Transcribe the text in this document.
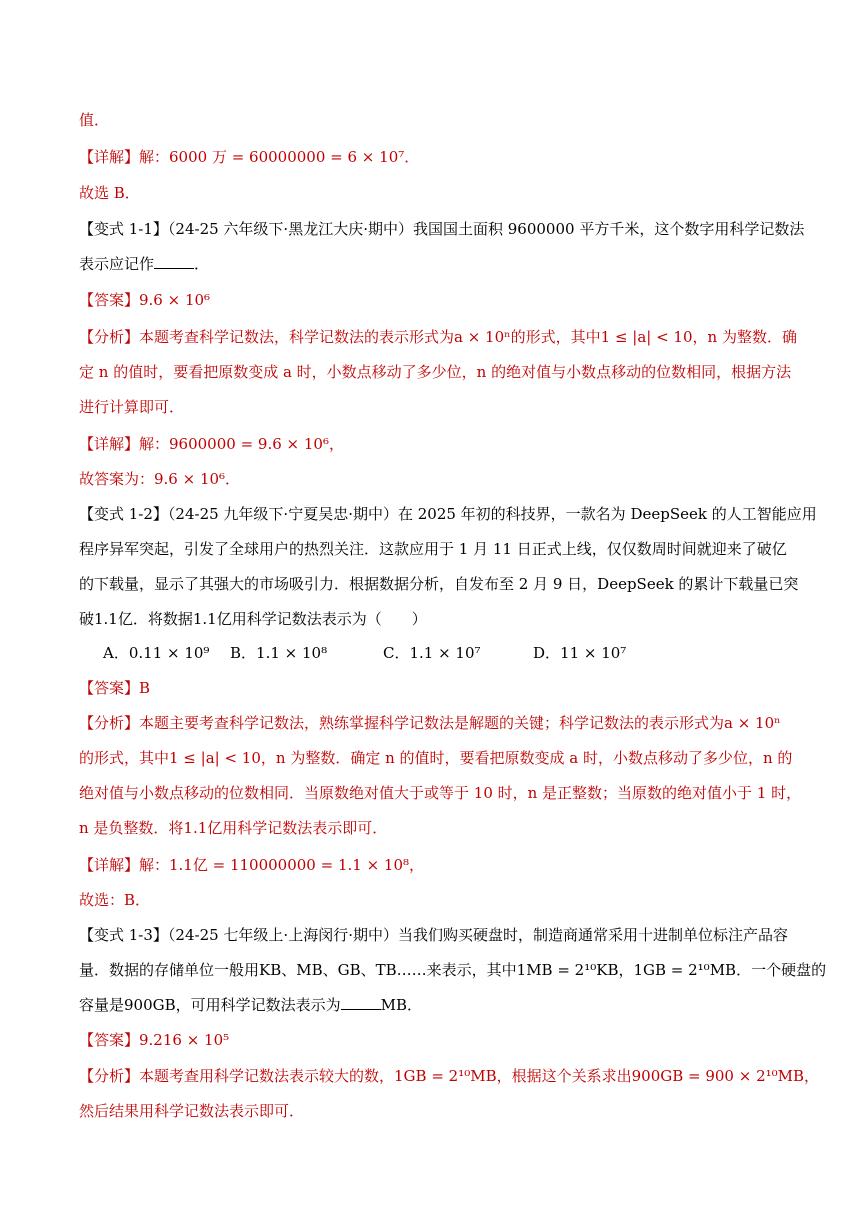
值．
【详解】解：6000 万 = 60000000 = 6 × 10⁷．
故选 B．
【变式 1-1】（24-25 六年级下·黑龙江大庆·期中）我国国土面积 9600000 平方千米，这个数字用科学记数法
表示应记作	．
【答案】9.6 × 10⁶
【分析】本题考查科学记数法，科学记数法的表示形式为a × 10ⁿ的形式，其中1 ≤ |a| < 10，n 为整数．确
定 n 的值时，要看把原数变成 a 时，小数点移动了多少位，n 的绝对值与小数点移动的位数相同，根据方法
进行计算即可．
【详解】解：9600000 = 9.6 × 10⁶，
故答案为：9.6 × 10⁶．
【变式 1-2】（24-25 九年级下·宁夏吴忠·期中）在 2025 年初的科技界，一款名为 DeepSeek 的人工智能应用
程序异军突起，引发了全球用户的热烈关注．这款应用于 1 月 11 日正式上线，仅仅数周时间就迎来了破亿
的下载量，显示了其强大的市场吸引力．根据数据分析，自发布至 2 月 9 日，DeepSeek 的累计下载量已突
破1.1亿．将数据1.1亿用科学记数法表示为（　　）
A．0.11 × 10⁹ B．1.1 × 10⁸	C．1.1 × 10⁷	D．11 × 10⁷
【答案】B
【分析】本题主要考查科学记数法，熟练掌握科学记数法是解题的关键；科学记数法的表示形式为a × 10ⁿ
的形式，其中1 ≤ |a| < 10，n 为整数．确定 n 的值时，要看把原数变成 a 时，小数点移动了多少位，n 的
绝对值与小数点移动的位数相同．当原数绝对值大于或等于 10 时，n 是正整数；当原数的绝对值小于 1 时，
n 是负整数．将1.1亿用科学记数法表示即可．
【详解】解：1.1亿 = 110000000 = 1.1 × 10⁸，
故选：B．
【变式 1-3】（24-25 七年级上·上海闵行·期中）当我们购买硬盘时，制造商通常采用十进制单位标注产品容
量．数据的存储单位一般用KB、MB、GB、TB……来表示，其中1MB = 2¹⁰KB，1GB = 2¹⁰MB．一个硬盘的
容量是900GB，可用科学记数法表示为	MB．
【答案】9.216 × 10⁵
【分析】本题考查用科学记数法表示较大的数，1GB = 2¹⁰MB，根据这个关系求出900GB = 900 × 2¹⁰MB，
然后结果用科学记数法表示即可．
